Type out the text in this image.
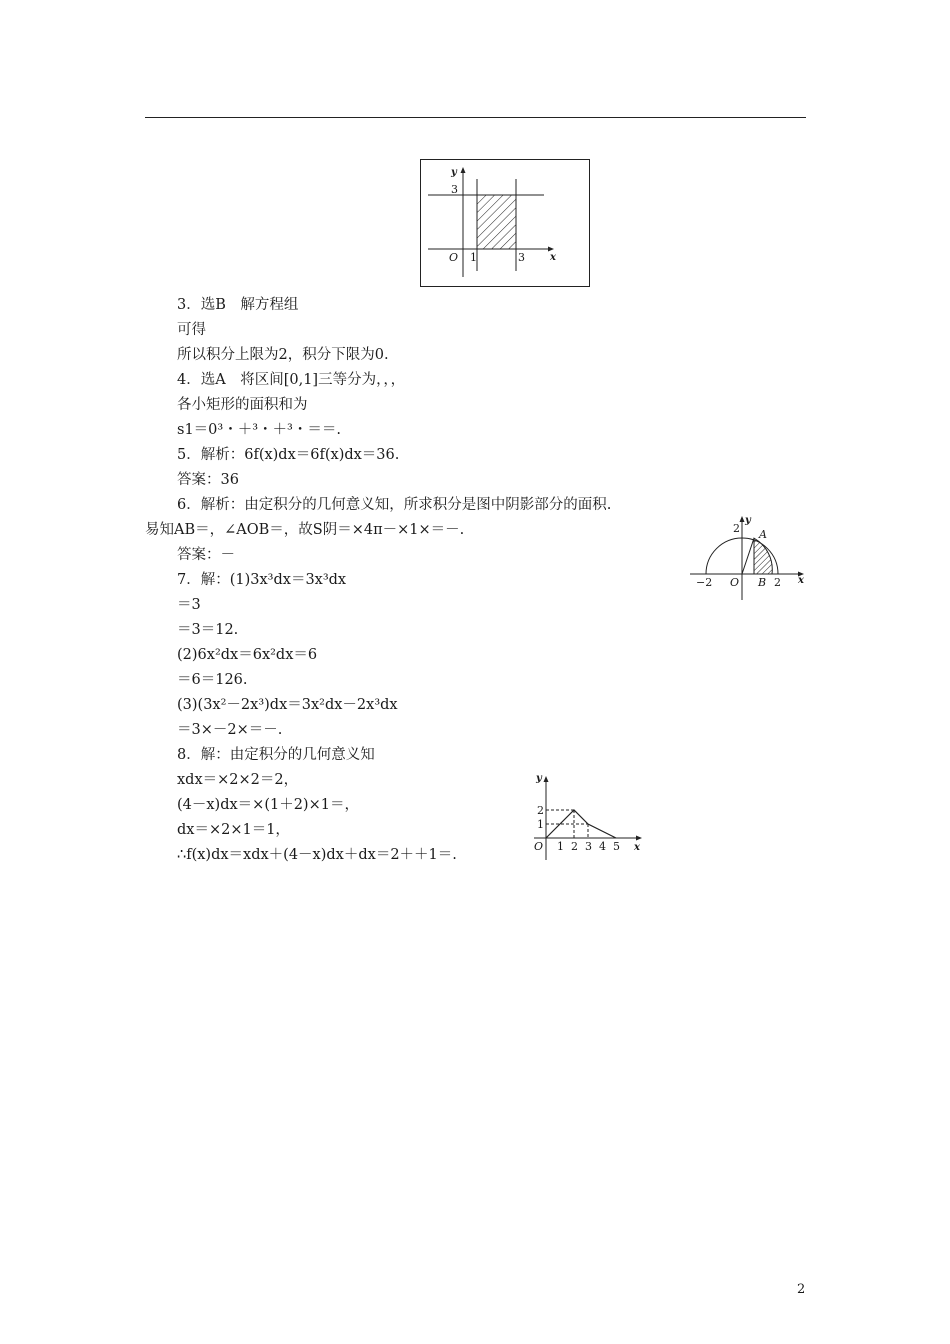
y
x
O
3
1	3
y
x
2 A
B
O
−2	2
y
x
2
1
O 1 2 3 4 5
3．选B　解方程组
可得
所以积分上限为2，积分下限为0.
4．选A　将区间[0,1]三等分为，，，
各小矩形的面积和为
s1＝0³・＋³・＋³・＝＝.
5．解析：6f(x)dx＝6f(x)dx＝36.
答案：36
6．解析：由定积分的几何意义知，所求积分是图中阴影部分的面积.
易知AB＝，∠AOB＝，故S阴＝×4π－×1×＝－.
答案：－
7．解：(1)3x³dx＝3x³dx
＝3
＝3＝12.
(2)6x²dx＝6x²dx＝6
＝6＝126.
(3)(3x²－2x³)dx＝3x²dx－2x³dx
＝3×－2×＝－.
8．解：由定积分的几何意义知
xdx＝×2×2＝2，
(4－x)dx＝×(1＋2)×1＝，
dx＝×2×1＝1，
∴f(x)dx＝xdx＋(4－x)dx＋dx＝2＋＋1＝.
2
